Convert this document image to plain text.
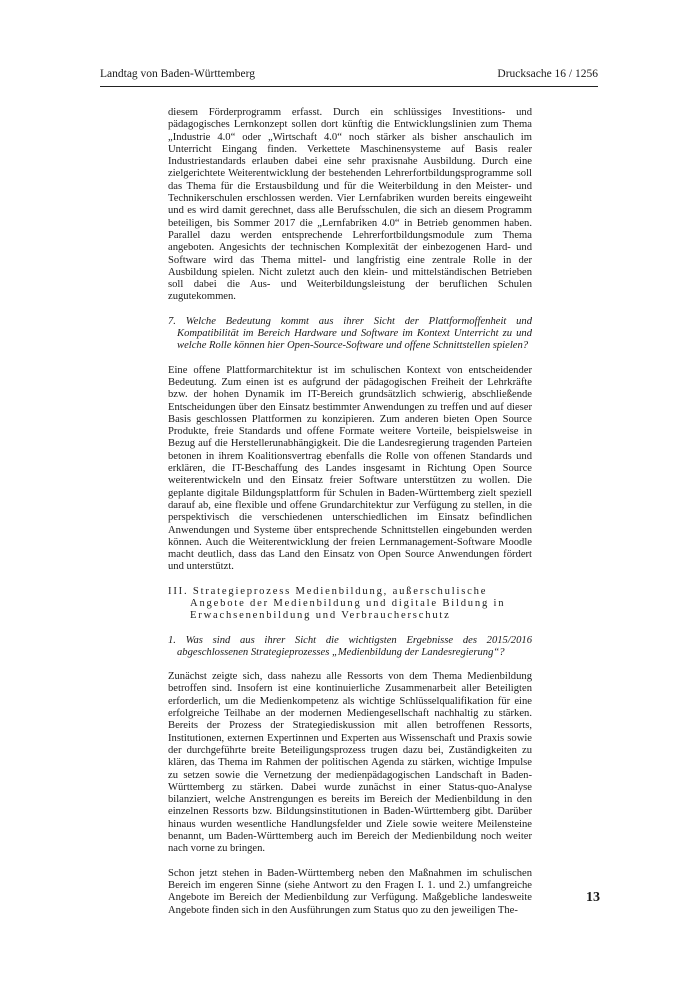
Landtag von Baden-Württemberg	Drucksache 16 / 1256

diesem Förderprogramm erfasst. Durch ein schlüssiges Investitions- und pädagogisches Lernkonzept sollen dort künftig die Entwicklungslinien zum Thema „Industrie 4.0“ oder „Wirtschaft 4.0“ noch stärker als bisher anschaulich im Unterricht Eingang finden. Verkettete Maschinensysteme auf Basis realer Industriestandards erlauben dabei eine sehr praxisnahe Ausbildung. Durch eine zielgerichtete Weiterentwicklung der bestehenden Lehrerfortbildungsprogramme soll das Thema für die Erstausbildung und für die Weiterbildung in den Meister- und Technikerschulen erschlossen werden. Vier Lernfabriken wurden bereits eingeweiht und es wird damit gerechnet, dass alle Berufsschulen, die sich an diesem Programm beteiligen, bis Sommer 2017 die „Lernfabriken 4.0“ in Betrieb genommen haben. Parallel dazu werden entsprechende Lehrerfortbildungsmodule zum Thema angeboten. Angesichts der technischen Komplexität der einbezogenen Hard- und Software wird das Thema mittel- und langfristig eine zentrale Rolle in der Ausbildung spielen. Nicht zuletzt auch den klein- und mittelständischen Betrieben soll dabei die Aus- und Weiterbildungsleistung der beruflichen Schulen zugutekommen.

7. Welche Bedeutung kommt aus ihrer Sicht der Plattformoffenheit und Kompatibilität im Bereich Hardware und Software im Kontext Unterricht zu und welche Rolle können hier Open-Source-Software und offene Schnittstellen spielen?

Eine offene Plattformarchitektur ist im schulischen Kontext von entscheidender Bedeutung. Zum einen ist es aufgrund der pädagogischen Freiheit der Lehrkräfte bzw. der hohen Dynamik im IT-Bereich grundsätzlich schwierig, abschließende Entscheidungen über den Einsatz bestimmter Anwendungen zu treffen und auf dieser Basis geschlossen Plattformen zu konzipieren. Zum anderen bieten Open Source Produkte, freie Standards und offene Formate weitere Vorteile, beispielsweise in Bezug auf die Herstellerunabhängigkeit. Die die Landesregierung tragenden Parteien betonen in ihrem Koalitionsvertrag ebenfalls die Rolle von offenen Standards und erklären, die IT-Beschaffung des Landes insgesamt in Richtung Open Source weiterentwickeln und den Einsatz freier Software unterstützen zu wollen. Die geplante digitale Bildungsplattform für Schulen in Baden-Württemberg zielt speziell darauf ab, eine flexible und offene Grundarchitektur zur Verfügung zu stellen, in die perspektivisch die verschiedenen unterschiedlichen im Einsatz befindlichen Anwendungen und Systeme über entsprechende Schnittstellen eingebunden werden können. Auch die Weiterentwicklung der freien Lernmanagement-Software Moodle macht deutlich, dass das Land den Einsatz von Open Source Anwendungen fördert und unterstützt.

III. Strategieprozess Medienbildung, außerschulische Angebote der Medienbildung und digitale Bildung in Erwachsenenbildung und Verbraucherschutz

1. Was sind aus ihrer Sicht die wichtigsten Ergebnisse des 2015/2016 abgeschlossenen Strategieprozesses „Medienbildung der Landesregierung“?

Zunächst zeigte sich, dass nahezu alle Ressorts von dem Thema Medienbildung betroffen sind. Insofern ist eine kontinuierliche Zusammenarbeit aller Beteiligten erforderlich, um die Medienkompetenz als wichtige Schlüsselqualifikation für eine erfolgreiche Teilhabe an der modernen Mediengesellschaft nachhaltig zu stärken. Bereits der Prozess der Strategiediskussion mit allen betroffenen Ressorts, Institutionen, externen Expertinnen und Experten aus Wissenschaft und Praxis sowie der durchgeführte breite Beteiligungsprozess trugen dazu bei, Zuständigkeiten zu klären, das Thema im Rahmen der politischen Agenda zu stärken, wichtige Impulse zu setzen sowie die Vernetzung der medienpädagogischen Landschaft in Baden-Württemberg zu stärken. Dabei wurde zunächst in einer Status-quo-Analyse bilanziert, welche Anstrengungen es bereits im Bereich der Medienbildung in den einzelnen Ressorts bzw. Bildungsinstitutionen in Baden-Württemberg gibt. Darüber hinaus wurden wesentliche Handlungsfelder und Ziele sowie weitere Meilensteine benannt, um Baden-Württemberg auch im Bereich der Medienbildung noch weiter nach vorne zu bringen.

Schon jetzt stehen in Baden-Württemberg neben den Maßnahmen im schulischen Bereich im engeren Sinne (siehe Antwort zu den Fragen I. 1. und 2.) umfangreiche Angebote im Bereich der Medienbildung zur Verfügung. Maßgebliche landesweite Angebote finden sich in den Ausführungen zum Status quo zu den jeweiligen The-

13
